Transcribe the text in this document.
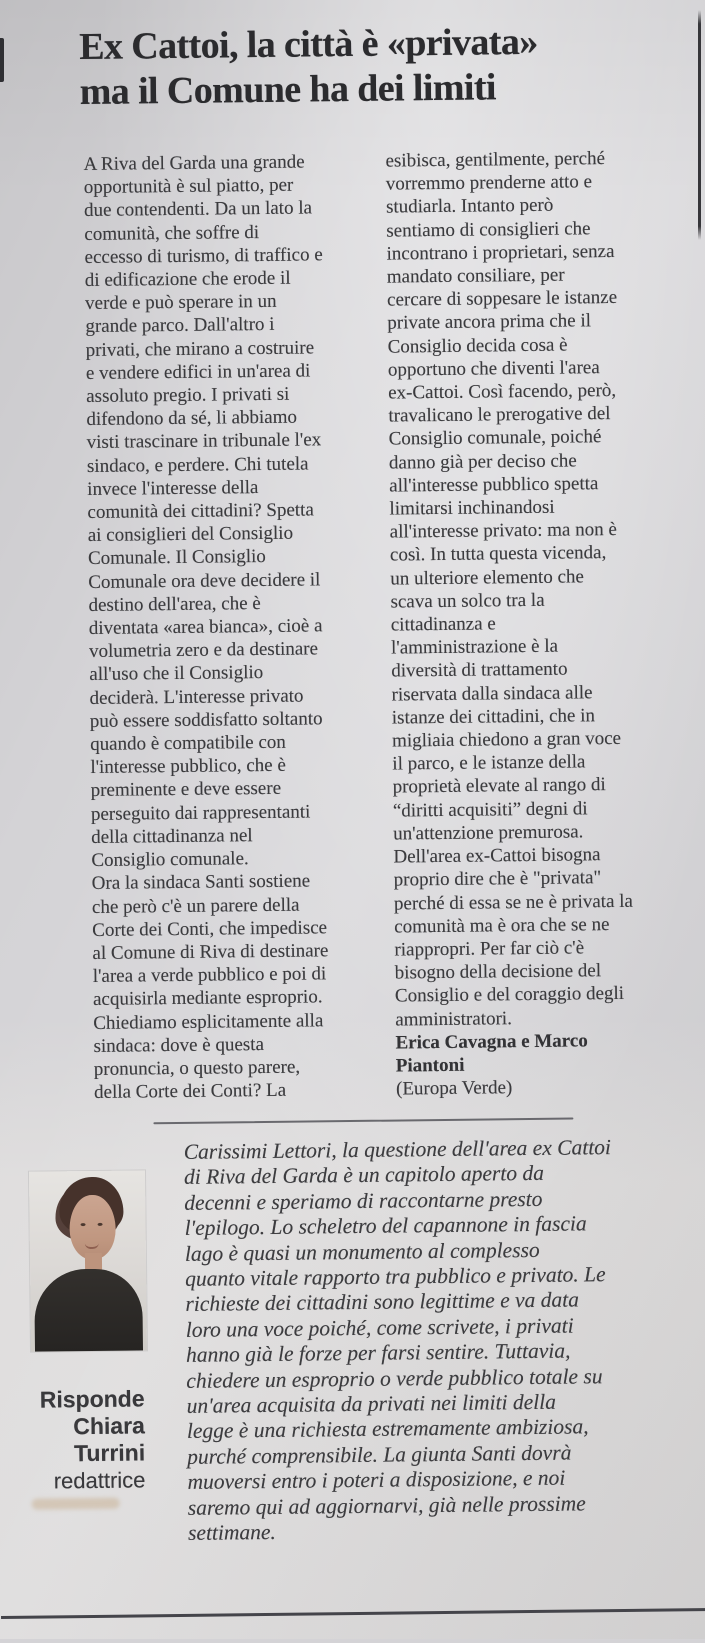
Ex Cattoi, la città è «privata»
ma il Comune ha dei limiti
A Riva del Garda una grande
opportunità è sul piatto, per
due contendenti. Da un lato la
comunità, che soffre di
eccesso di turismo, di traffico e
di edificazione che erode il
verde e può sperare in un
grande parco. Dall'altro i
privati, che mirano a costruire
e vendere edifici in un'area di
assoluto pregio. I privati si
difendono da sé, li abbiamo
visti trascinare in tribunale l'ex
sindaco, e perdere. Chi tutela
invece l'interesse della
comunità dei cittadini? Spetta
ai consiglieri del Consiglio
Comunale. Il Consiglio
Comunale ora deve decidere il
destino dell'area, che è
diventata «area bianca», cioè a
volumetria zero e da destinare
all'uso che il Consiglio
deciderà. L'interesse privato
può essere soddisfatto soltanto
quando è compatibile con
l'interesse pubblico, che è
preminente e deve essere
perseguito dai rappresentanti
della cittadinanza nel
Consiglio comunale.
Ora la sindaca Santi sostiene
che però c'è un parere della
Corte dei Conti, che impedisce
al Comune di Riva di destinare
l'area a verde pubblico e poi di
acquisirla mediante esproprio.
Chiediamo esplicitamente alla
sindaca: dove è questa
pronuncia, o questo parere,
della Corte dei Conti? La
esibisca, gentilmente, perché
vorremmo prenderne atto e
studiarla. Intanto però
sentiamo di consiglieri che
incontrano i proprietari, senza
mandato consiliare, per
cercare di soppesare le istanze
private ancora prima che il
Consiglio decida cosa è
opportuno che diventi l'area
ex-Cattoi. Così facendo, però,
travalicano le prerogative del
Consiglio comunale, poiché
danno già per deciso che
all'interesse pubblico spetta
limitarsi inchinandosi
all'interesse privato: ma non è
così. In tutta questa vicenda,
un ulteriore elemento che
scava un solco tra la
cittadinanza e
l'amministrazione è la
diversità di trattamento
riservata dalla sindaca alle
istanze dei cittadini, che in
migliaia chiedono a gran voce
il parco, e le istanze della
proprietà elevate al rango di
“diritti acquisiti” degni di
un'attenzione premurosa.
Dell'area ex-Cattoi bisogna
proprio dire che è "privata"
perché di essa se ne è privata la
comunità ma è ora che se ne
riappropri. Per far ciò c'è
bisogno della decisione del
Consiglio e del coraggio degli
amministratori.
Erica Cavagna e Marco
Piantoni
(Europa Verde)
Risponde
Chiara
Turrini
redattrice
Carissimi Lettori, la questione dell'area ex Cattoi
di Riva del Garda è un capitolo aperto da
decenni e speriamo di raccontarne presto
l'epilogo. Lo scheletro del capannone in fascia
lago è quasi un monumento al complesso
quanto vitale rapporto tra pubblico e privato. Le
richieste dei cittadini sono legittime e va data
loro una voce poiché, come scrivete, i privati
hanno già le forze per farsi sentire. Tuttavia,
chiedere un esproprio o verde pubblico totale su
un'area acquisita da privati nei limiti della
legge è una richiesta estremamente ambiziosa,
purché comprensibile. La giunta Santi dovrà
muoversi entro i poteri a disposizione, e noi
saremo qui ad aggiornarvi, già nelle prossime
settimane.
